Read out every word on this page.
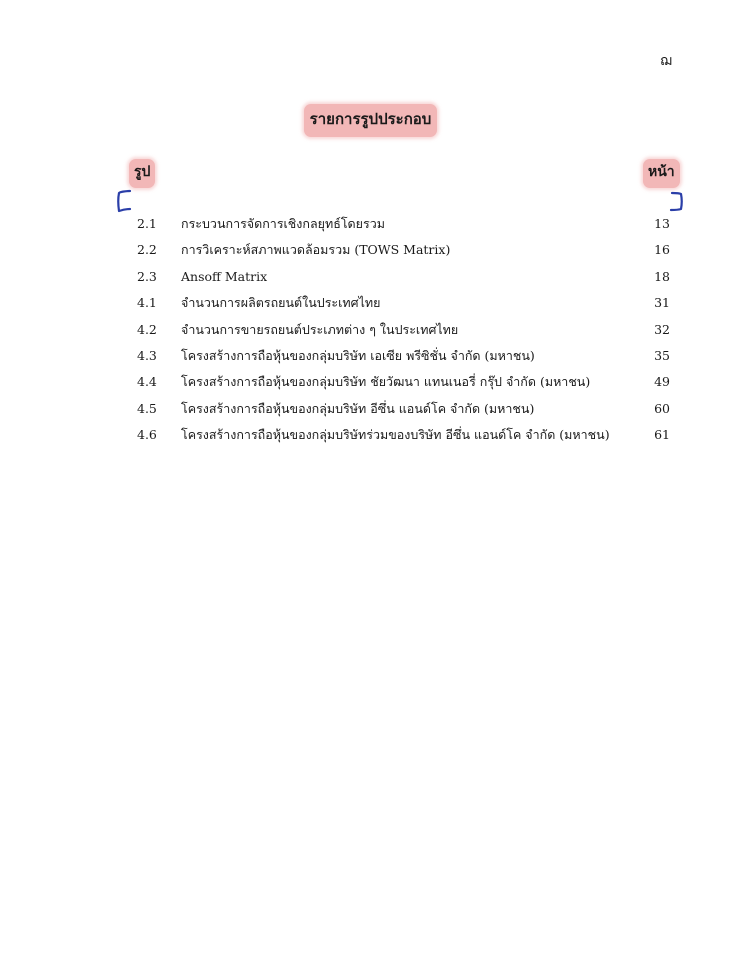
ฌ
รายการรูปประกอบ
รูป	หน้า
2.1 กระบวนการจัดการเชิงกลยุทธ์โดยรวม	13
2.2 การวิเคราะห์สภาพแวดล้อมรวม (TOWS Matrix)	16
2.3 Ansoff Matrix	18
4.1 จำนวนการผลิตรถยนต์ในประเทศไทย	31
4.2 จำนวนการขายรถยนต์ประเภทต่าง ๆ ในประเทศไทย	32
4.3 โครงสร้างการถือหุ้นของกลุ่มบริษัท เอเซีย พรีซิชั่น จำกัด (มหาชน)	35
4.4 โครงสร้างการถือหุ้นของกลุ่มบริษัท ชัยวัฒนา แทนเนอรี่ กรุ๊ป จำกัด (มหาชน)	49
4.5 โครงสร้างการถือหุ้นของกลุ่มบริษัท อีซึ่น แอนด์โค จำกัด (มหาชน)	60
4.6 โครงสร้างการถือหุ้นของกลุ่มบริษัทร่วมของบริษัท อีซึ่น แอนด์โค จำกัด (มหาชน)	61
